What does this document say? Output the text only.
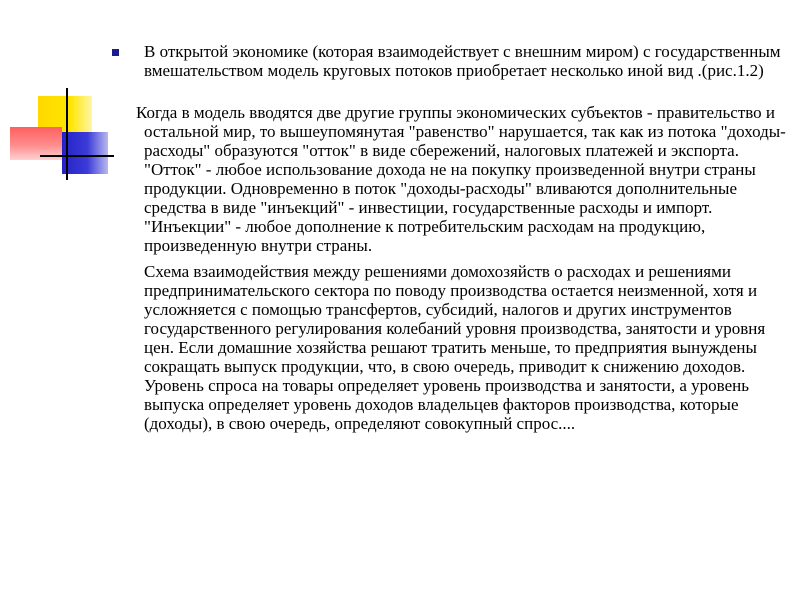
В открытой экономике (которая взаимодействует с внешним миром) с государственным вмешательством модель круговых потоков приобретает несколько иной вид .(рис.1.2)

Когда в модель вводятся две другие группы экономических субъектов - правительство и остальной мир, то вышеупомянутая "равенство" нарушается, так как из потока "доходы-расходы" образуются "отток" в виде сбережений, налоговых платежей и экспорта. "Отток" - любое использование дохода не на покупку произведенной внутри страны продукции. Одновременно в поток "доходы-расходы" вливаются дополнительные средства в виде "инъекций" - инвестиции, государственные расходы и импорт. "Инъекции" - любое дополнение к потребительским расходам на продукцию, произведенную внутри страны.

Схема взаимодействия между решениями домохозяйств о расходах и решениями предпринимательского сектора по поводу производства остается неизменной, хотя и усложняется с помощью трансфертов, субсидий, налогов и других инструментов государственного регулирования колебаний уровня производства, занятости и уровня цен. Если домашние хозяйства решают тратить меньше, то предприятия вынуждены сокращать выпуск продукции, что, в свою очередь, приводит к снижению доходов. Уровень спроса на товары определяет уровень производства и занятости, а уровень выпуска определяет уровень доходов владельцев факторов производства, которые (доходы), в свою очередь, определяют совокупный спрос....
